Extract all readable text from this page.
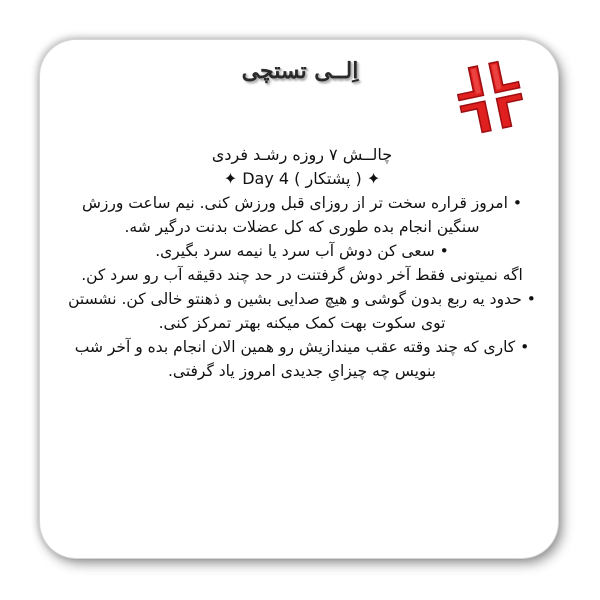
اِلــی تستچی

چالــش ۷ روزه رشـد فردی

✦ ( پشتکار ) Day 4 ✦

• امروز قراره سخت تر از روزای قبل ورزش کنی. نیم ساعت ورزش سنگین انجام بده طوری که کل عضلات بدنت درگیر شه.

• سعی کن دوش آب سرد یا نیمه سرد بگیری.

اگه نمیتونی فقط آخر دوش گرفتنت در حد چند دقیقه آب رو سرد کن.

• حدود یه ربع بدون گوشی و هیچ صدایی بشین و ذهنتو خالی کن. نشستن توی سکوت بهت کمک میکنه بهتر تمرکز کنی.

• کاری که چند وقته عقب میندازیش رو همین الان انجام بده و آخر شب بنویس چه چیزایِ جدیدی امروز یاد گرفتی.
